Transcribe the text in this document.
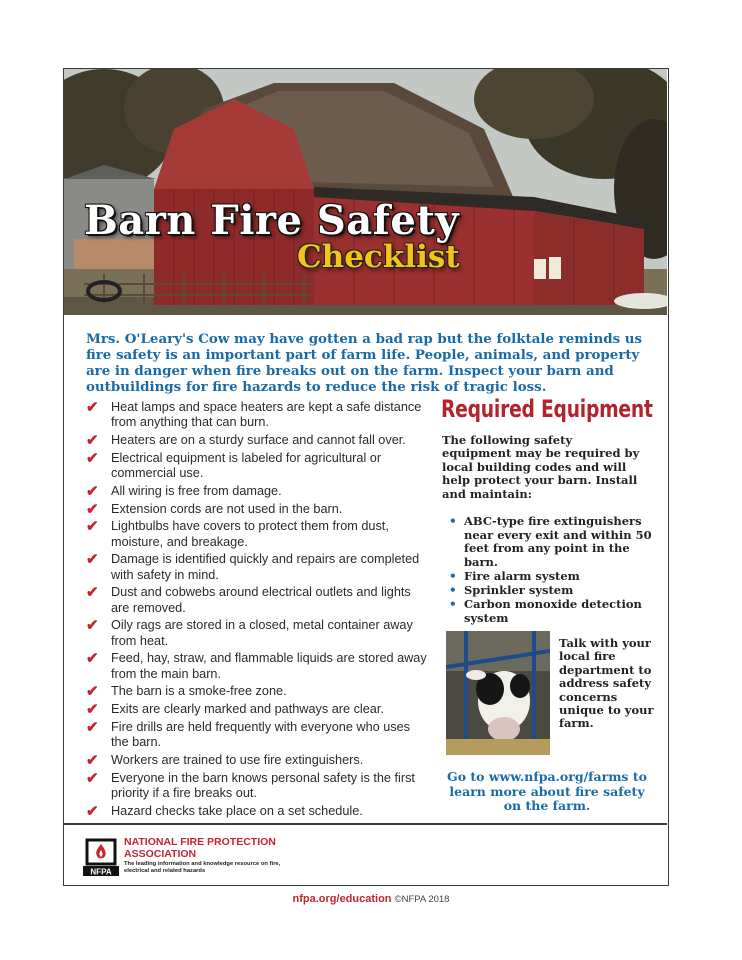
Barn Fire Safety
Checklist

Mrs. O'Leary's Cow may have gotten a bad rap but the folktale reminds us fire safety is an important part of farm life. People, animals, and property are in danger when fire breaks out on the farm. Inspect your barn and outbuildings for fire hazards to reduce the risk of tragic loss.

✔ Heat lamps and space heaters are kept a safe distance from anything that can burn.
✔ Heaters are on a sturdy surface and cannot fall over.
✔ Electrical equipment is labeled for agricultural or commercial use.
✔ All wiring is free from damage.
✔ Extension cords are not used in the barn.
✔ Lightbulbs have covers to protect them from dust, moisture, and breakage.
✔ Damage is identified quickly and repairs are completed with safety in mind.
✔ Dust and cobwebs around electrical outlets and lights are removed.
✔ Oily rags are stored in a closed, metal container away from heat.
✔ Feed, hay, straw, and flammable liquids are stored away from the main barn.
✔ The barn is a smoke-free zone.
✔ Exits are clearly marked and pathways are clear.
✔ Fire drills are held frequently with everyone who uses the barn.
✔ Workers are trained to use fire extinguishers.
✔ Everyone in the barn knows personal safety is the first priority if a fire breaks out.
✔ Hazard checks take place on a set schedule.
Required Equipment

The following safety equipment may be required by local building codes and will help protect your barn. Install and maintain:

• ABC-type fire extinguishers near every exit and within 50 feet from any point in the barn.
• Fire alarm system
• Sprinkler system
• Carbon monoxide detection system

Talk with your local fire department to address safety concerns unique to your farm.

Go to www.nfpa.org/farms to learn more about fire safety on the farm.

NFPA
NATIONAL FIRE PROTECTION ASSOCIATION
The leading information and knowledge resource on fire, electrical and related hazards
nfpa.org/education ©NFPA 2018
